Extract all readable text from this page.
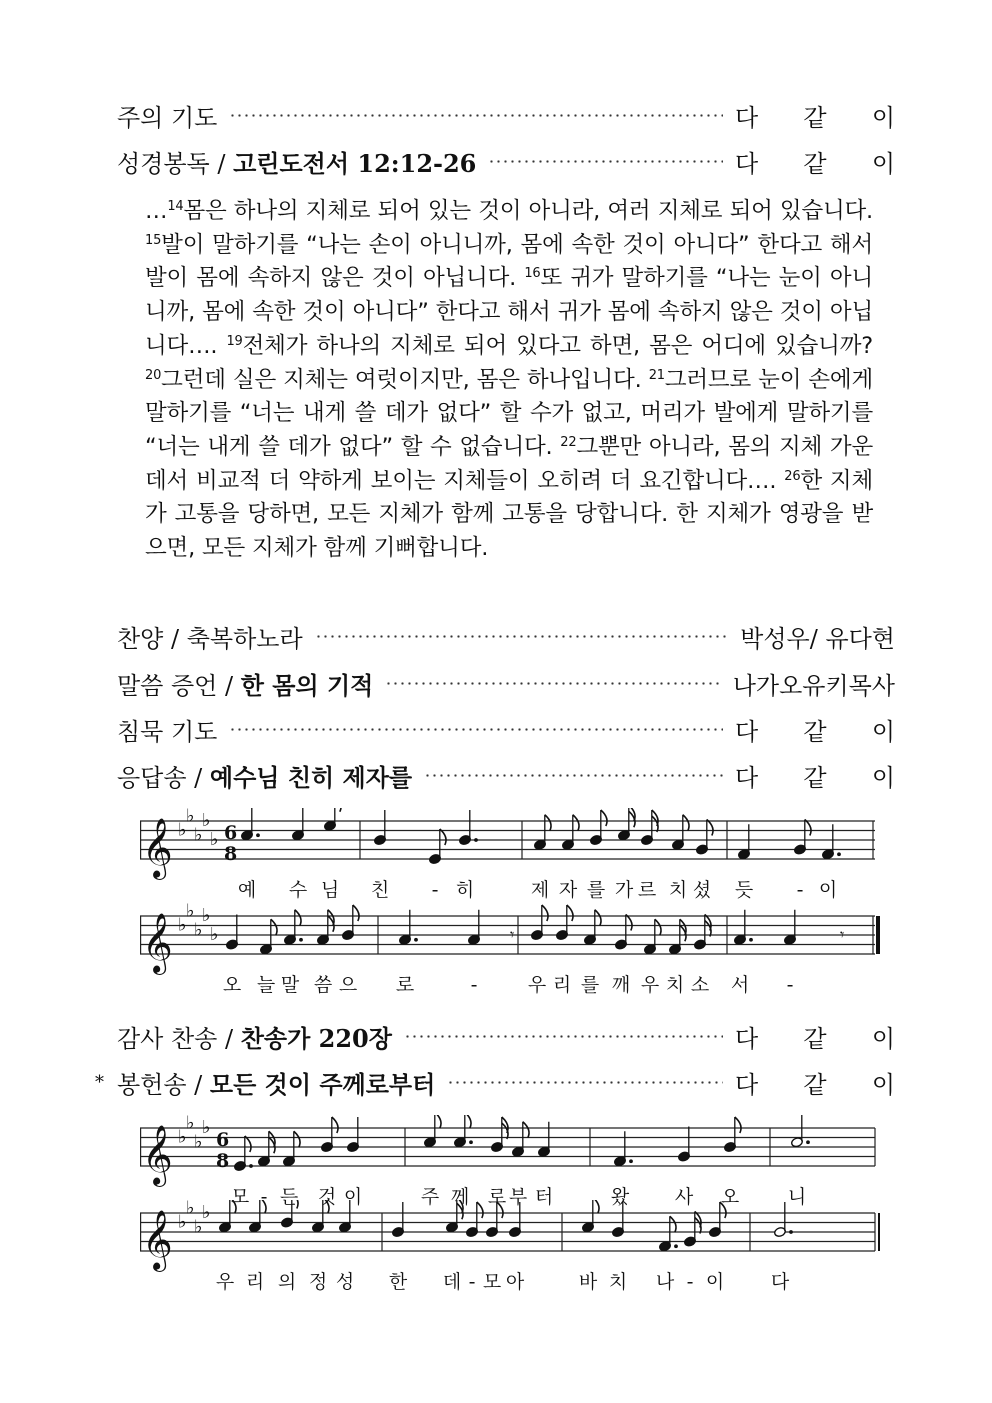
주의 기도	다 같 이
성경봉독 / 고린도전서 12:12-26	다 같 이
…$^{14}$몸은 하나의 지체로 되어 있는 것이 아니라, 여러 지체로 되어 있습니다. $^{15}$발이 말하기를 “나는 손이 아니니까, 몸에 속한 것이 아니다” 한다고 해서 발이 몸에 속하지 않은 것이 아닙니다. $^{16}$또 귀가 말하기를 “나는 눈이 아니니까, 몸에 속한 것이 아니다” 한다고 해서 귀가 몸에 속하지 않은 것이 아닙니다…. $^{19}$전체가 하나의 지체로 되어 있다고 하면, 몸은 어디에 있습니까? $^{20}$그런데 실은 지체는 여럿이지만, 몸은 하나입니다. $^{21}$그러므로 눈이 손에게 말하기를 “너는 내게 쓸 데가 없다” 할 수가 없고, 머리가 발에게 말하기를 “너는 내게 쓸 데가 없다” 할 수 없습니다. $^{22}$그뿐만 아니라, 몸의 지체 가운데서 비교적 더 약하게 보이는 지체들이 오히려 더 요긴합니다…. $^{26}$한 지체가 고통을 당하면, 모든 지체가 함께 고통을 당합니다. 한 지체가 영광을 받으면, 모든 지체가 함께 기뻐합니다.
찬양 / 축복하노라	박성우/ 유다현
말씀 증언 / 한 몸의 기적	나가오유키목사
침묵 기도	다 같 이
응답송 / 예수님 친히 제자를	다 같 이
𝄞 ♭
♭
♭
♭
♭ 6
8
예 수 님 친 - 히	제 자 를 가 르 치 셨 듯 - 이
𝄞 ♭
♭
♭
♭
♭	𝄾	𝄾
오 늘 말 씀 으 로	-	우 리 를 깨 우 치 소 서 -
감사 찬송 / 찬송가 220장	다 같 이
* 봉헌송 / 모든 것이 주께로부터	다 같 이
𝄞 ♭
♭
♭
♭
6
8
모 - 든 것 이	주 께 로 부 터	왔 사 오	니
𝄞 ♭
♭
♭
♭
우 리 의 정 성 한 데 - 모 아	바 치 나 - 이 다
